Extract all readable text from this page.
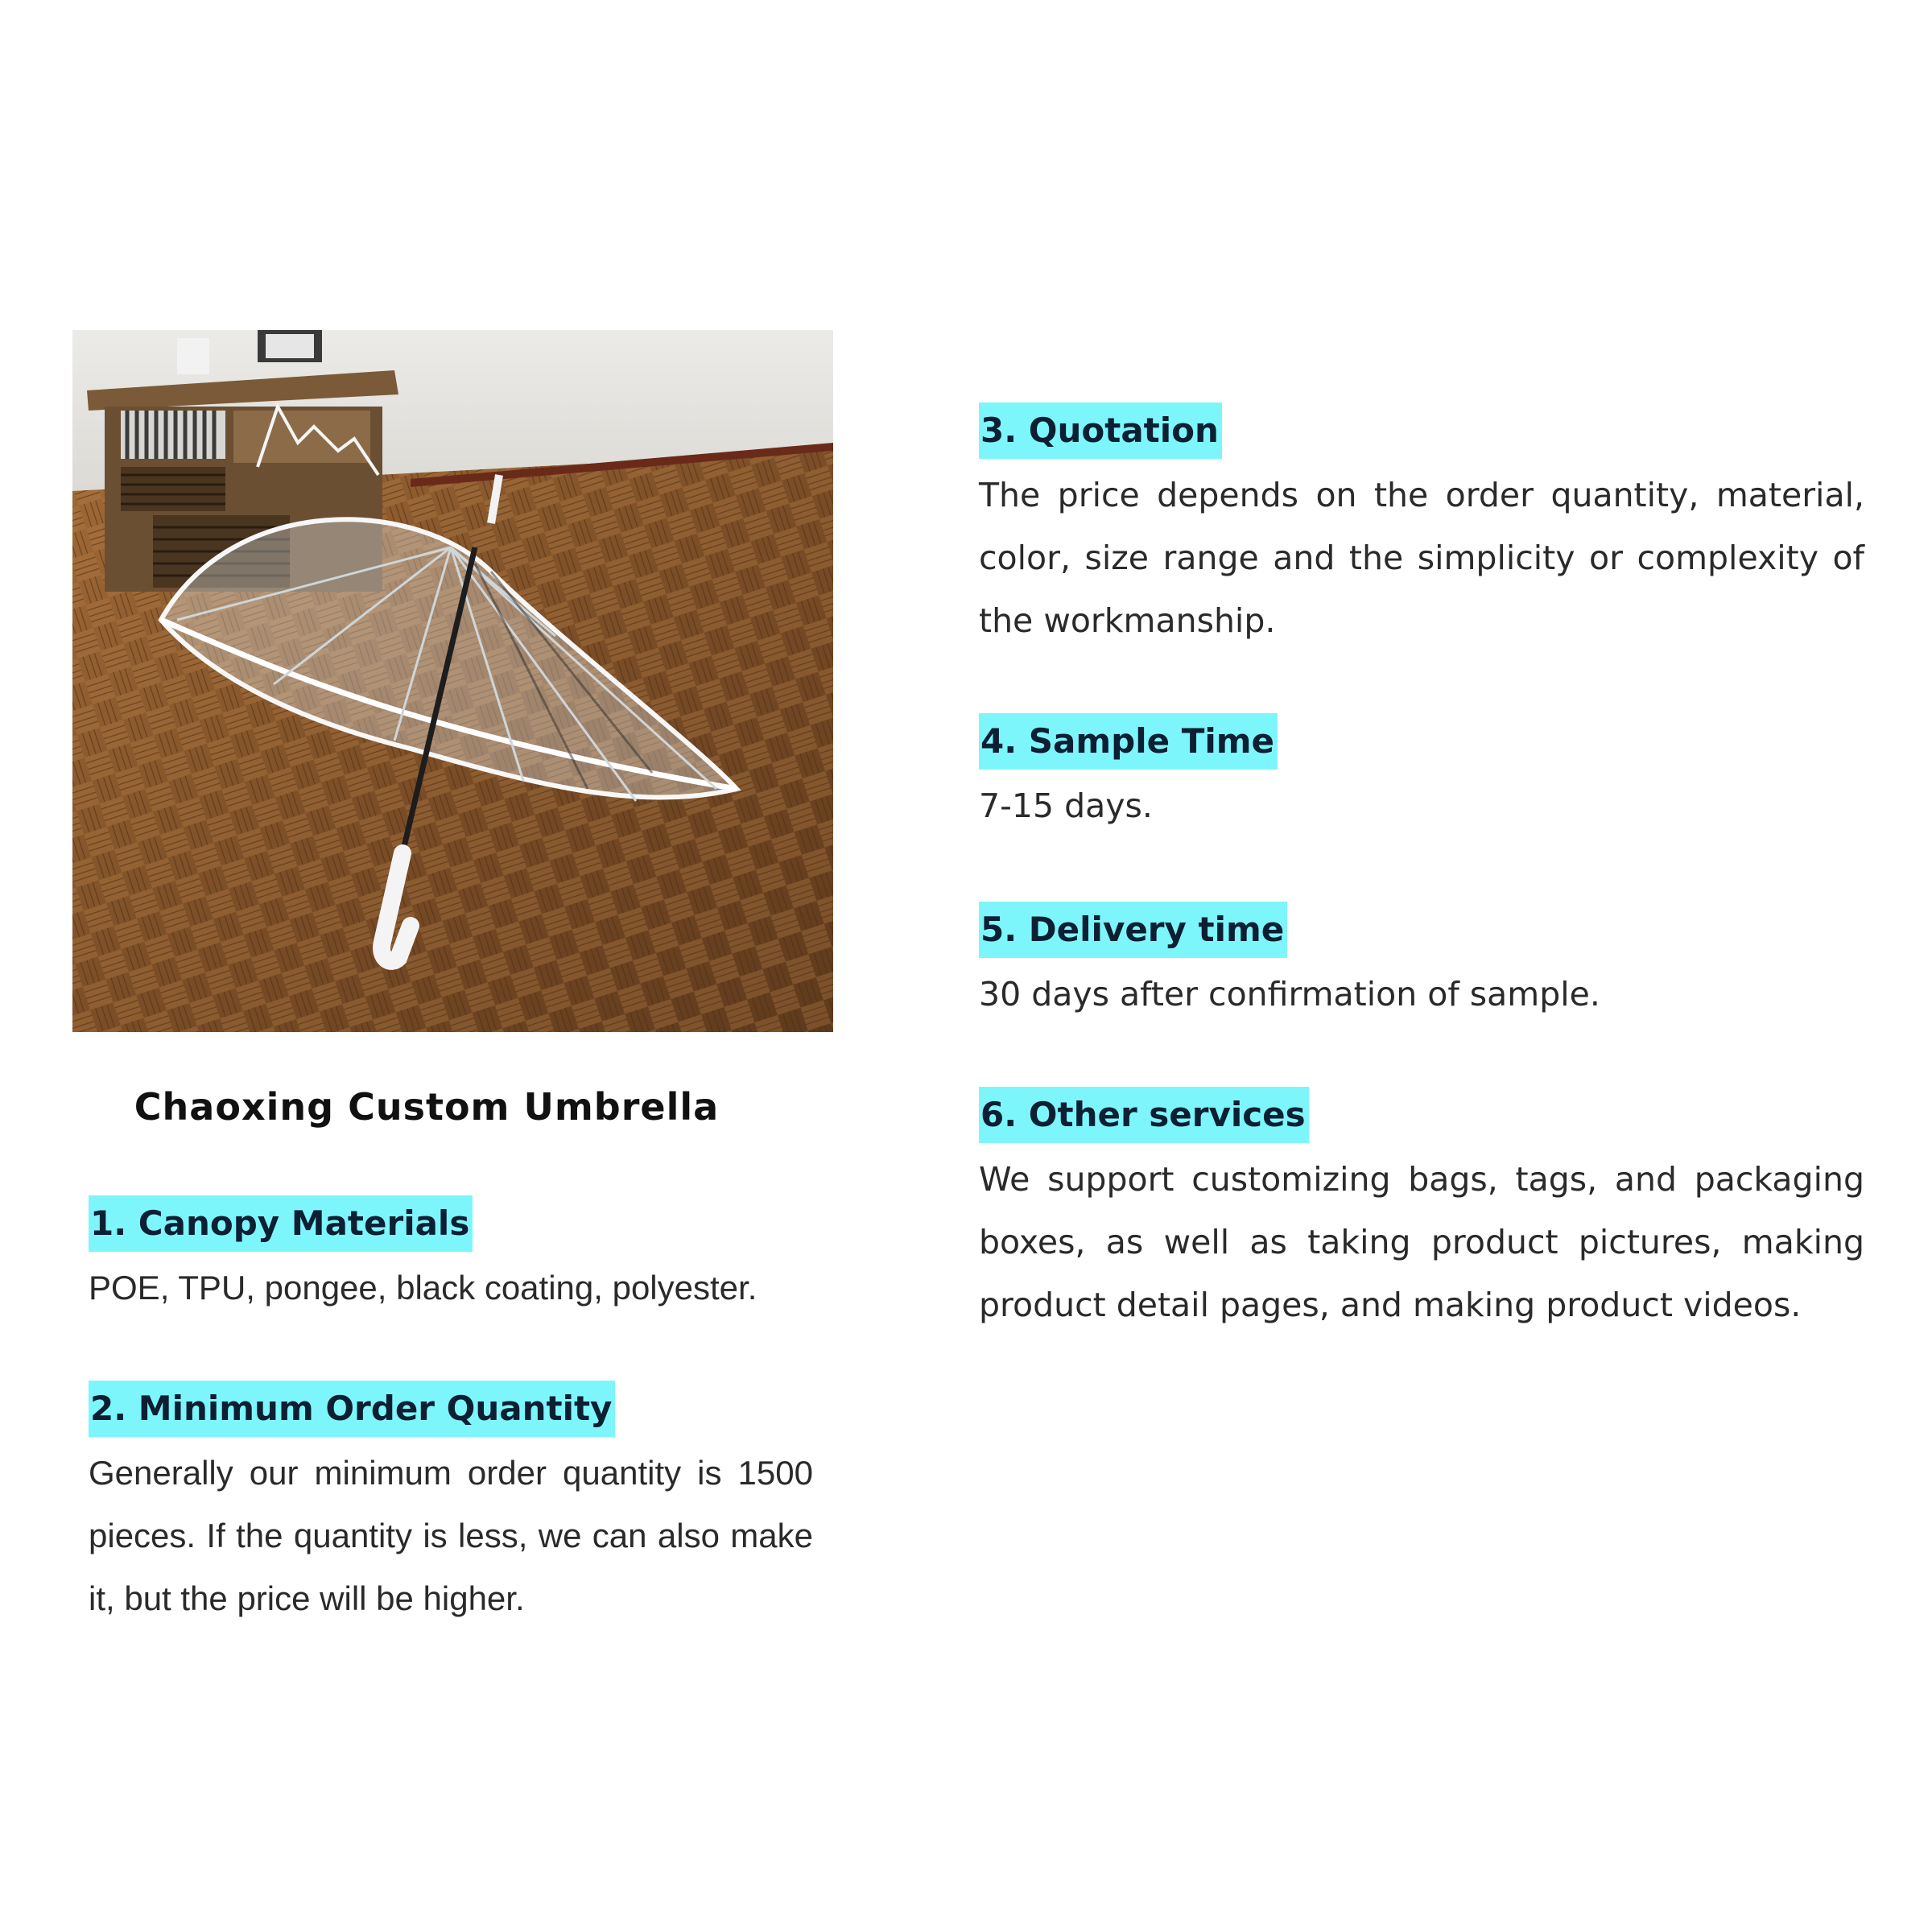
Chaoxing Custom Umbrella
1. Canopy Materials
POE, TPU, pongee, black coating, polyester.
2. Minimum Order Quantity
Generally our minimum order quantity is 1500 pieces. If the quantity is less, we can also make it, but the price will be higher.
3. Quotation
The price depends on the order quantity, material, color, size range and the simplicity or complexity of the workmanship.
4. Sample Time
7-15 days.
5. Delivery time
30 days after confirmation of sample.
6. Other services
We support customizing bags, tags, and packaging boxes, as well as taking product pictures, making product detail pages, and making product videos.
